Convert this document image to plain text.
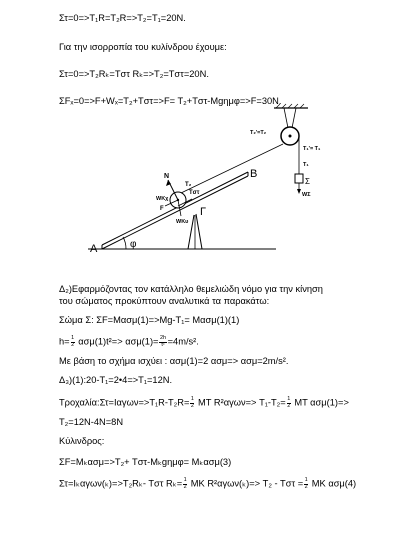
Στ=0=>T₁R=T₂R=>T₂=T₁=20N.
Για την ισορροπία του κυλίνδρου έχουμε:
Στ=0=>T₂Rₖ=Tστ Rₖ=>T₂=Tστ=20N.
ΣFₓ=0=>F+Wₓ=T₂+Tστ=>F= T₂+Tστ-Mgημφ=>F=30N.
φ
Α
Γ
Β
N
T₂
Tστ
F
WΚχ
WΚυ
T₂'=T₂
T₁'= T₁
T₁
Σ
WΣ
Δ₂)Εφαρμόζοντας τον κατάλληλο θεμελιώδη νόμο για την κίνηση
του σώματος προκύπτουν αναλυτικά τα παρακάτω:
Σώμα Σ: ΣF=Mασμ(1)=>Mg-T₁= Mασμ(1)(1)
$h= \frac{1}{2} \alpha\sigma\mu(1)t^2=> \alpha\sigma\mu(1)= \frac{2h}{\text{t²}} =4m/s^2$.
Με βάση το σχήμα ισχύει : ασμ(1)=2 ασμ=> ασμ=2m/s².
Δ₃)(1):20-T₁=2•4=>T₁=12N.
Τροχαλία:Στ=Iαγων=>T₁R-T₂R= $\frac{1}{2}$ MΤ $R^2\alpha\gamma\omega\nu=> T_1-T_2= \frac{1}{2}$ MΤ ασμ(1)=>
T₂=12N-4N=8N
Κύλινδρος:
ΣF=Mₖασμ=>T₂+ Tστ-Mₖgημφ= Mₖασμ(3)
Στ=Iₖαγων(ₖ)=>T₂Rₖ- Tστ $R_k= \frac{1}{2}$ MΚ $R^2\alpha\gamma\omega\nu(_k)=> T_2 - T\sigma\tau = \frac{1}{2}$ MΚ ασμ(4)
